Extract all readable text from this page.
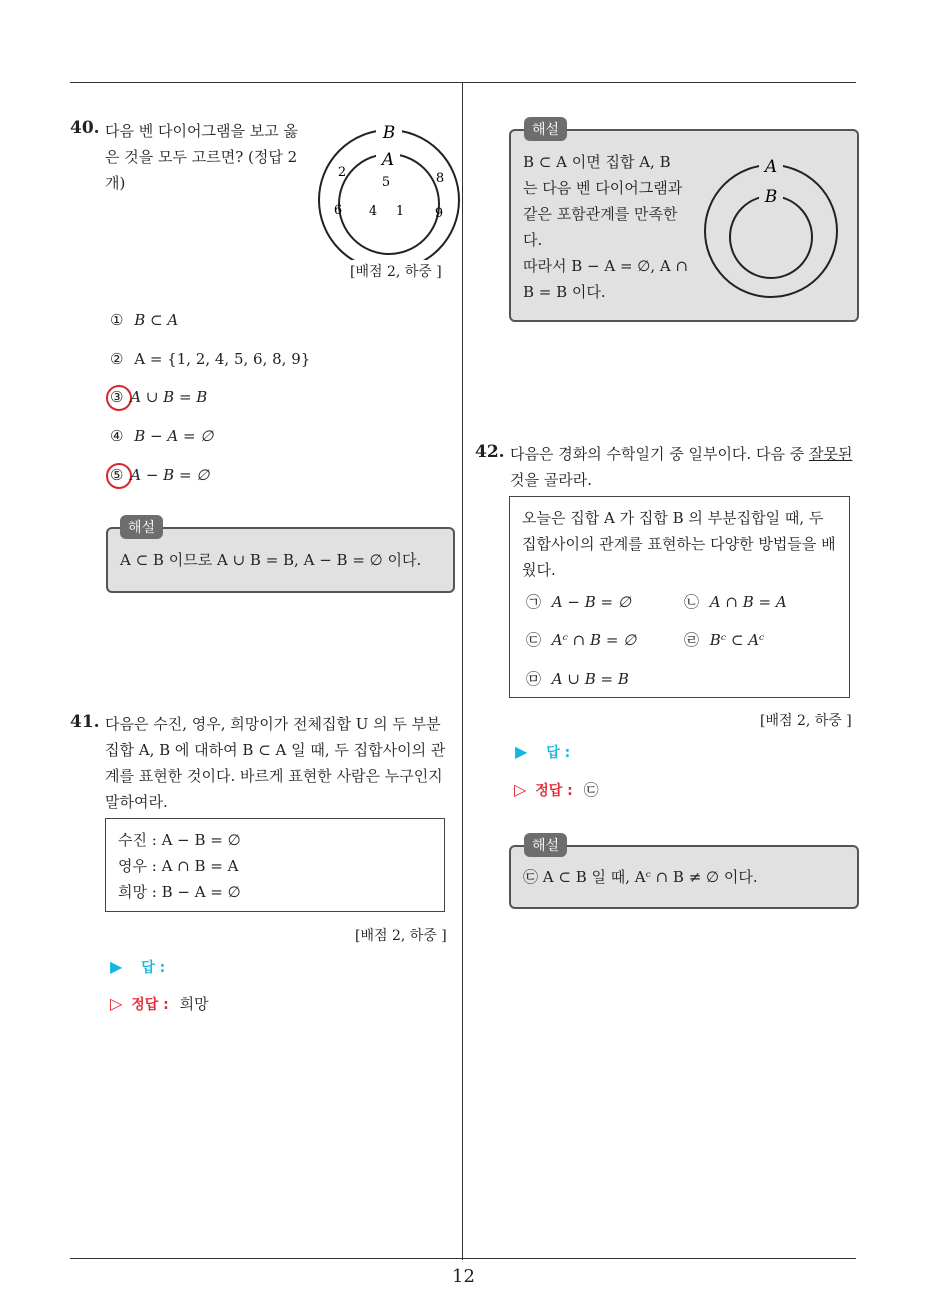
12
40. 다음 벤 다이어그램을 보고 옳은 것을 모두 고르면? (정답 2개)
B
A
2	8
6	9
5
4 1
[배점 2, 하중 ]
① B ⊂ A
② A = {1, 2, 4, 5, 6, 8, 9}
③ A ∪ B = B
④ B − A = ∅
⑤ A − B = ∅
A ⊂ B 이므로 A ∪ B = B, A − B = ∅ 이다.
해설
41. 다음은 수진, 영우, 희망이가 전체집합 U 의 두 부분
집합 A, B 에 대하여 B ⊂ A 일 때, 두 집합사이의 관
계를 표현한 것이다. 바르게 표현한 사람은 누구인지
말하여라.
수진 : A − B = ∅
영우 : A ∩ B = A
희망 : B − A = ∅
[배점 2, 하중 ]
▶ 답 :
▷ 정답 : 희망
B ⊂ A 이면 집합 A, B
는 다음 벤 다이어그램과
같은 포함관계를 만족한
다.
따라서 B − A = ∅, A ∩
B = B 이다.
A
B
해설
42. 다음은 경화의 수학일기 중 일부이다. 다음 중 잘못된
것을 골라라.
오늘은 집합 A 가 집합 B 의 부분집합일 때, 두
집합사이의 관계를 표현하는 다양한 방법들을 배
웠다.
㉠ A − B = ∅	㉡ A ∩ B = A
㉢ Aᶜ ∩ B = ∅	㉣ Bᶜ ⊂ Aᶜ
㉤ A ∪ B = B
[배점 2, 하중 ]
▶ 답 :
▷ 정답 : ㉢
㉢ A ⊂ B 일 때, Aᶜ ∩ B ≠ ∅ 이다.
해설
